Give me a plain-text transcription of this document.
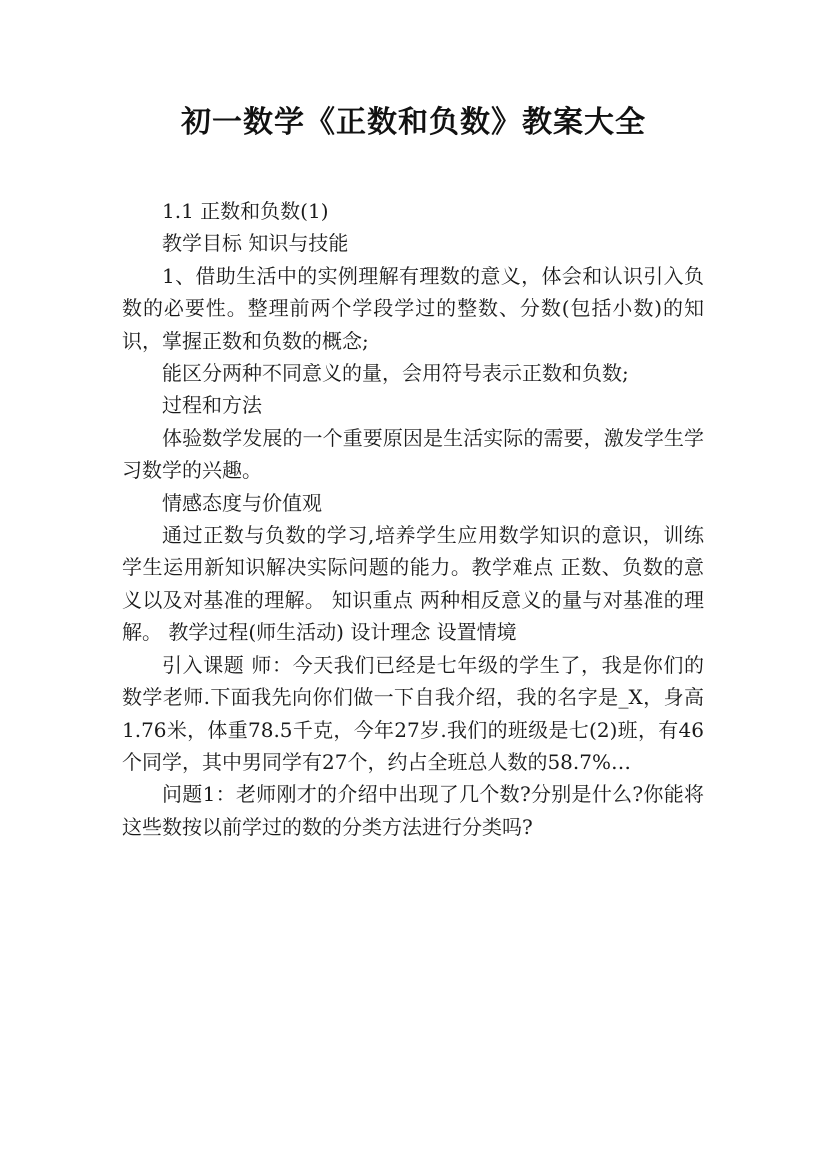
初一数学《正数和负数》教案大全

1.1 正数和负数(1)

教学目标 知识与技能

1、借助生活中的实例理解有理数的意义，体会和认识引入负数的必要性。整理前两个学段学过的整数、分数(包括小数)的知识，掌握正数和负数的概念;

能区分两种不同意义的量，会用符号表示正数和负数;

过程和方法

体验数学发展的一个重要原因是生活实际的需要，激发学生学习数学的兴趣。

情感态度与价值观

通过正数与负数的学习,培养学生应用数学知识的意识，训练学生运用新知识解决实际问题的能力。教学难点 正数、负数的意义以及对基准的理解。 知识重点 两种相反意义的量与对基准的理解。 教学过程(师生活动) 设计理念 设置情境

引入课题 师：今天我们已经是七年级的学生了，我是你们的数学老师.下面我先向你们做一下自我介绍，我的名字是_X，身高1.76米，体重78.5千克，今年27岁.我们的班级是七(2)班，有46个同学，其中男同学有27个，约占全班总人数的58.7%…

问题1：老师刚才的介绍中出现了几个数?分别是什么?你能将这些数按以前学过的数的分类方法进行分类吗?
